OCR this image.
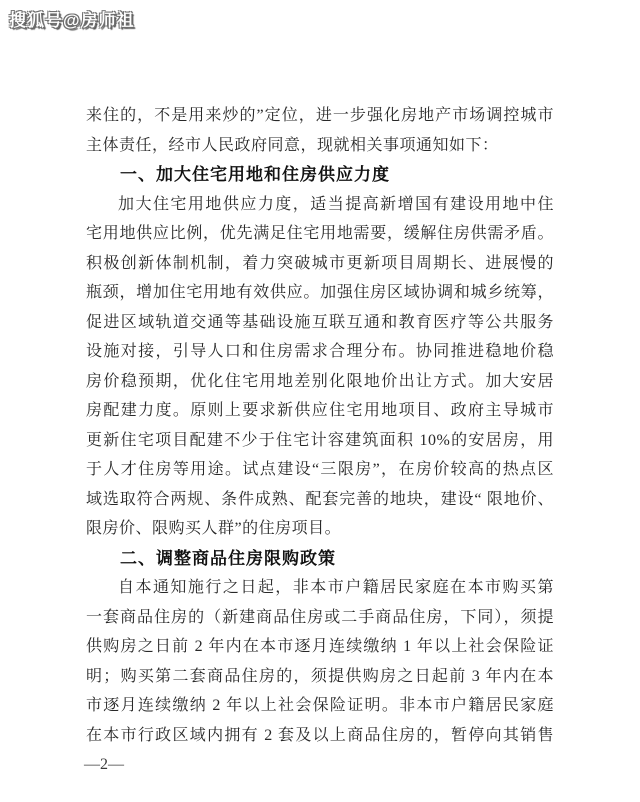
搜狐号@房师祖
来住的，不是用来炒的”定位，进一步强化房地产市场调控城市
主体责任，经市人民政府同意，现就相关事项通知如下：
一、加大住宅用地和住房供应力度
加大住宅用地供应力度，适当提高新增国有建设用地中住
宅用地供应比例，优先满足住宅用地需要，缓解住房供需矛盾。
积极创新体制机制，着力突破城市更新项目周期长、进展慢的
瓶颈，增加住宅用地有效供应。加强住房区域协调和城乡统筹，
促进区域轨道交通等基础设施互联互通和教育医疗等公共服务
设施对接，引导人口和住房需求合理分布。协同推进稳地价稳
房价稳预期，优化住宅用地差别化限地价出让方式。加大安居
房配建力度。原则上要求新供应住宅用地项目、政府主导城市
更新住宅项目配建不少于住宅计容建筑面积 10%的安居房，用
于人才住房等用途。试点建设“三限房”，在房价较高的热点区
域选取符合两规、条件成熟、配套完善的地块，建设“ 限地价、
限房价、限购买人群”的住房项目。
二、调整商品住房限购政策
自本通知施行之日起，非本市户籍居民家庭在本市购买第
一套商品住房的（新建商品住房或二手商品住房，下同），须提
供购房之日前 2 年内在本市逐月连续缴纳 1 年以上社会保险证
明；购买第二套商品住房的，须提供购房之日起前 3 年内在本
市逐月连续缴纳 2 年以上社会保险证明。非本市户籍居民家庭
在本市行政区域内拥有 2 套及以上商品住房的，暂停向其销售
—2—
